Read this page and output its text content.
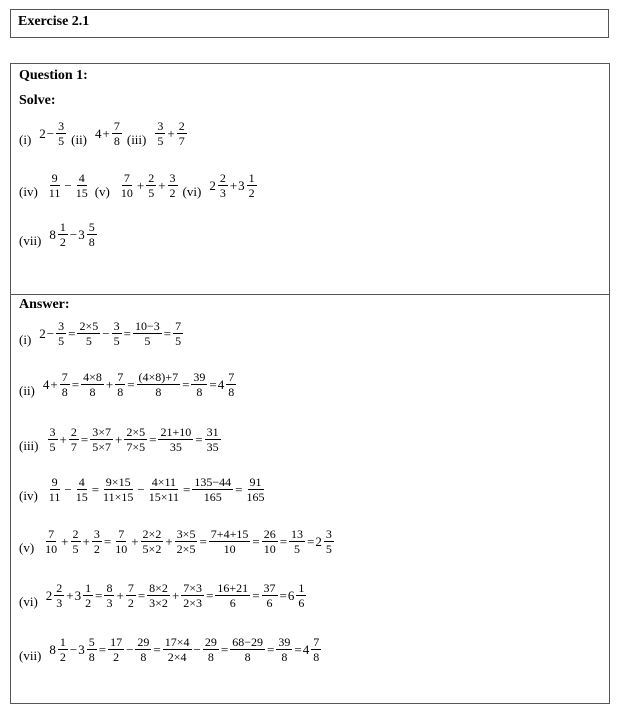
Exercise 2.1
Question 1:
Solve:
(i) $2 - \frac{3}{5} (ii) 4 + \frac{7}{8} (iii) \frac{3}{5} + \frac{2}{7}$
$(iv) \frac{9}{11} - \frac{4}{15} (v) \frac{7}{10} + \frac{2}{5} + \frac{3}{2} (vi)$ $2 \frac{2}{3} + 3 \frac{1}{2}$
(vii) $8 \frac{1}{2} - 3 \frac{5}{8}$
Answer:
(i) $2 - \frac{3}{5} = \frac{2\times 5}{5} - \frac{3}{5} = \frac{10-3}{5} = \frac{7}{5}$
(ii) $4 + \frac{7}{8} = \frac{4\times 8}{8} + \frac{7}{8} = \frac{(4\times 8)+7}{8} = \frac{39}{8} = 4 \frac{7}{8}$
$(iii) \frac{3}{5} + \frac{2}{7} = \frac{3\times 7}{5\times 7} + \frac{2\times 5}{7\times 5} = \frac{21+10}{35} = \frac{31}{35}$
$(iv) \frac{9}{11} - \frac{4}{15} = \frac{9\times 15}{11\times 15} - \frac{4\times 11}{15\times 11} = \frac{135-44}{165} = \frac{91}{165}$
$(v) \frac{7}{10} + \frac{2}{5} + \frac{3}{2} = \frac{7}{10} + \frac{2\times 2}{5\times 2} + \frac{3\times 5}{2\times 5} = \frac{7+4+15}{10} = \frac{26}{10} = \frac{13}{5} = 2 \frac{3}{5}$
(vi) $2 \frac{2}{3} + 3 \frac{1}{2} = \frac{8}{3} + \frac{7}{2} = \frac{8\times 2}{3\times 2} + \frac{7\times 3}{2\times 3} = \frac{16+21}{6} = \frac{37}{6} = 6 \frac{1}{6}$
(vii) $8 \frac{1}{2} - 3 \frac{5}{8} = \frac{17}{2} - \frac{29}{8} = \frac{17\times 4}{2\times 4} - \frac{29}{8} = \frac{68-29}{8} = \frac{39}{8} = 4 \frac{7}{8}$
